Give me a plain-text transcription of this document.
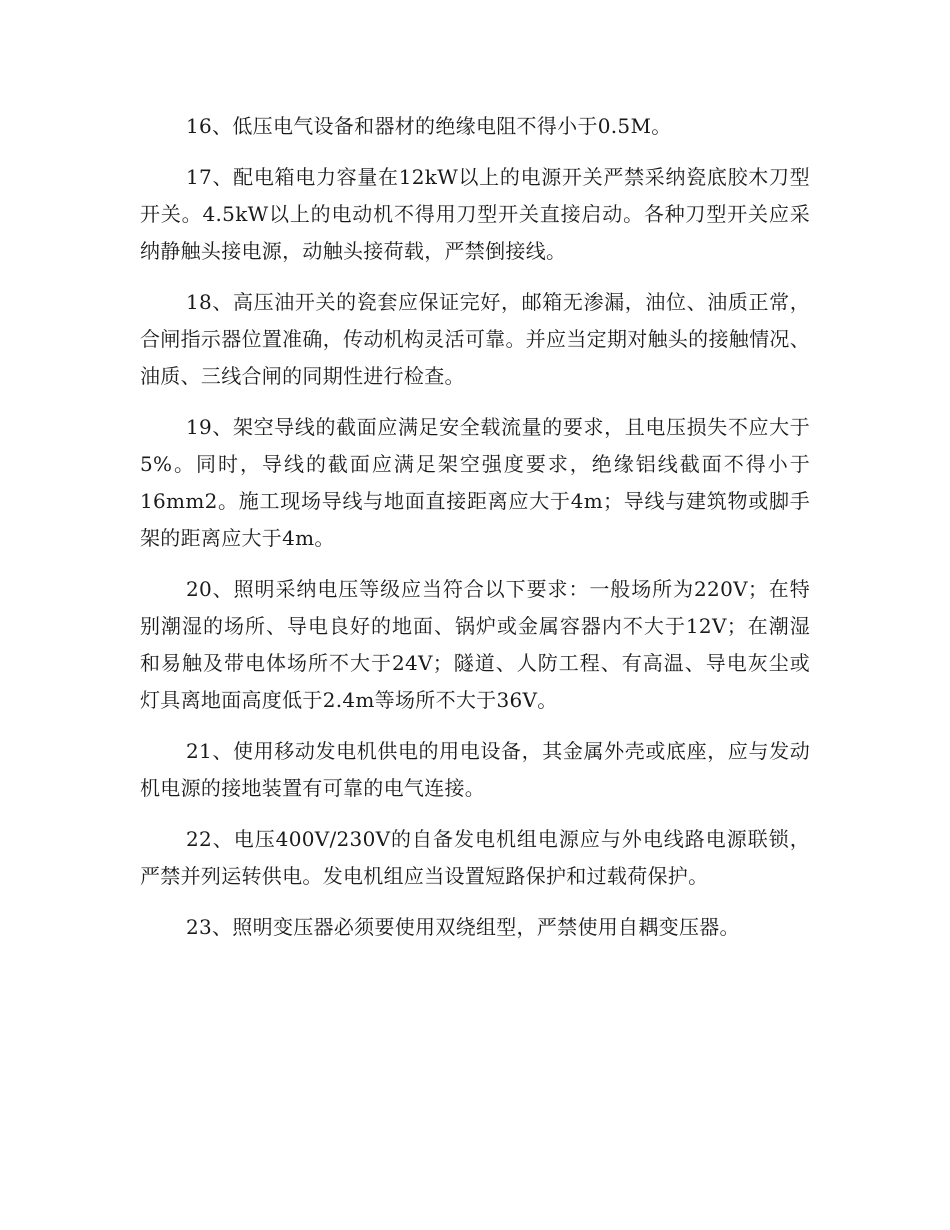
16、低压电气设备和器材的绝缘电阻不得小于0.5M。

17、配电箱电力容量在12kW以上的电源开关严禁采纳瓷底胶木刀型开关。4.5kW以上的电动机不得用刀型开关直接启动。各种刀型开关应采纳静触头接电源，动触头接荷载，严禁倒接线。

18、高压油开关的瓷套应保证完好，邮箱无渗漏，油位、油质正常，合闸指示器位置准确，传动机构灵活可靠。并应当定期对触头的接触情况、油质、三线合闸的同期性进行检查。

19、架空导线的截面应满足安全载流量的要求，且电压损失不应大于5%。同时，导线的截面应满足架空强度要求，绝缘铝线截面不得小于16mm2。施工现场导线与地面直接距离应大于4m；导线与建筑物或脚手架的距离应大于4m。

20、照明采纳电压等级应当符合以下要求：一般场所为220V；在特别潮湿的场所、导电良好的地面、锅炉或金属容器内不大于12V；在潮湿和易触及带电体场所不大于24V；隧道、人防工程、有高温、导电灰尘或灯具离地面高度低于2.4m等场所不大于36V。

21、使用移动发电机供电的用电设备，其金属外壳或底座，应与发动机电源的接地装置有可靠的电气连接。

22、电压400V/230V的自备发电机组电源应与外电线路电源联锁，严禁并列运转供电。发电机组应当设置短路保护和过载荷保护。

23、照明变压器必须要使用双绕组型，严禁使用自耦变压器。
